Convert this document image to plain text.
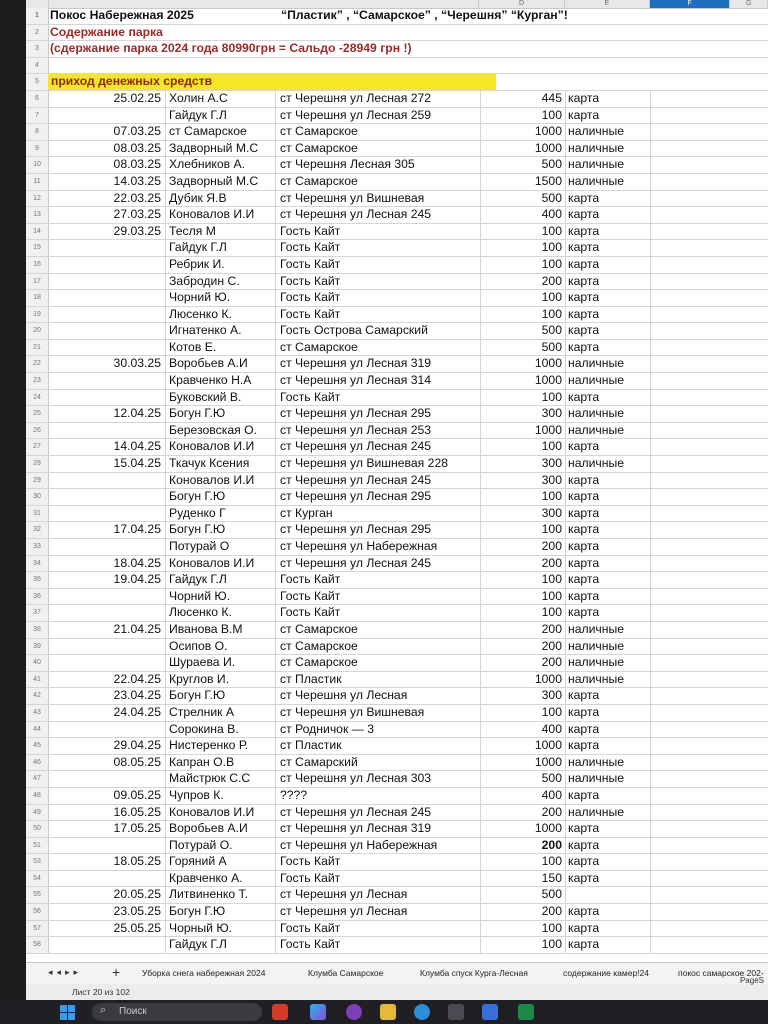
D	E	F	G
1 Покос Набережная 2025	“Пластик” , “Самарское” , “Черешня” “Курган”!
2 Содержание парка
3 (сдержание парка 2024 года 80990грн = Сальдо -28949 грн !)
4
5 приход денежных средств
6	25.02.25 Холин А.С	ст Черешня ул Лесная 272	445 карта
7	Гайдук Г.Л	ст Черешня ул Лесная 259	100 карта
8	07.03.25 ст Самарское	ст Самарское	1000 наличные
9	08.03.25 Задворный М.С	ст Самарское	1000 наличные
10	08.03.25 Хлебников А.	ст Черешня Лесная 305	500 наличные
11	14.03.25 Задворный М.С	ст Самарское	1500 наличные
12	22.03.25 Дубик Я.В	ст Черешня ул Вишневая	500 карта
13	27.03.25 Коновалов И.И	ст Черешня ул Лесная 245	400 карта
14	29.03.25 Тесля М	Гость Кайт	100 карта
15	Гайдук Г.Л	Гость Кайт	100 карта
16	Ребрик И.	Гость Кайт	100 карта
17	Забродин С.	Гость Кайт	200 карта
18	Чорний Ю.	Гость Кайт	100 карта
19	Люсенко К.	Гость Кайт	100 карта
20	Игнатенко А.	Гость Острова Самарский	500 карта
21	Котов Е.	ст Самарское	500 карта
22	30.03.25 Воробьев А.И	ст Черешня ул Лесная 319	1000 наличные
23	Кравченко Н.А	ст Черешня ул Лесная 314	1000 наличные
24	Буковский В.	Гость Кайт	100 карта
25	12.04.25 Богун Г.Ю	ст Черешня ул Лесная 295	300 наличные
26	Березовская О.	ст Черешня ул Лесная 253	1000 наличные
27	14.04.25 Коновалов И.И	ст Черешня ул Лесная 245	100 карта
28	15.04.25 Ткачук Ксения	ст Черешня ул Вишневая 228	300 наличные
29	Коновалов И.И	ст Черешня ул Лесная 245	300 карта
30	Богун Г.Ю	ст Черешня ул Лесная 295	100 карта
31	Руденко Г	ст Курган	300 карта
32	17.04.25 Богун Г.Ю	ст Черешня ул Лесная 295	100 карта
33	Потурай О	ст Черешня ул Набережная	200 карта
34	18.04.25 Коновалов И.И	ст Черешня ул Лесная 245	200 карта
35	19.04.25 Гайдук Г.Л	Гость Кайт	100 карта
36	Чорний Ю.	Гость Кайт	100 карта
37	Люсенко К.	Гость Кайт	100 карта
38	21.04.25 Иванова В.М	ст Самарское	200 наличные
39	Осипов О.	ст Самарское	200 наличные
40	Шураева И.	ст Самарское	200 наличные
41	22.04.25 Круглов И.	ст Пластик	1000 наличные
42	23.04.25 Богун Г.Ю	ст Черешня ул Лесная	300 карта
43	24.04.25 Стрелник А	ст Черешня ул Вишневая	100 карта
44	Сорокина В.	ст Родничок — 3	400 карта
45	29.04.25 Нистеренко Р.	ст Пластик	1000 карта
46	08.05.25 Капран О.В	ст Самарский	1000 наличные
47	Майстрюк С.С	ст Черешня ул Лесная 303	500 наличные
48	09.05.25 Чупров К.	????	400 карта
49	16.05.25 Коновалов И.И	ст Черешня ул Лесная 245	200 наличные
50	17.05.25 Воробьев А.И	ст Черешня ул Лесная 319	1000 карта
51	Потурай О.	ст Черешня ул Набережная	200 карта
53	18.05.25 Горяний А	Гость Кайт	100 карта
54	Кравченко А.	Гость Кайт	150 карта
55	20.05.25 Литвиненко Т.	ст Черешня ул Лесная	500
56	23.05.25 Богун Г.Ю	ст Черешня ул Лесная	200 карта
57	25.05.25 Чорный Ю.	Гость Кайт	100 карта
58	Гайдук Г.Л	Гость Кайт	100 карта
◂◂▸▸ +	Уборка снега набережная 2024	Клумба Самарское	Клумба спуск Курга-Лесная	содержание камер!24	покос самарское 202-
Лист 20 из 102
PageS
⌕ Поиск
